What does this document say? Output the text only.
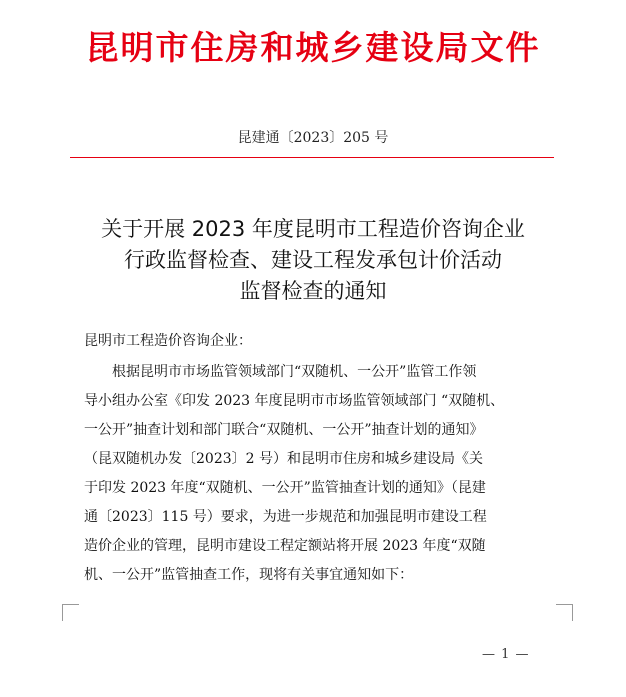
昆明市住房和城乡建设局文件
昆建通〔2023〕205 号
关于开展 2023 年度昆明市工程造价咨询企业
行政监督检查、建设工程发承包计价活动
监督检查的通知
昆明市工程造价咨询企业：
根据昆明市市场监管领域部门“双随机、一公开”监管工作领
导小组办公室《印发 2023 年度昆明市市场监管领域部门 “双随机、
一公开”抽查计划和部门联合“双随机、一公开”抽查计划的通知》
（昆双随机办发〔2023〕2 号）和昆明市住房和城乡建设局《关
于印发 2023 年度“双随机、一公开”监管抽查计划的通知》（昆建
通〔2023〕115 号）要求，为进一步规范和加强昆明市建设工程
造价企业的管理，昆明市建设工程定额站将开展 2023 年度“双随
机、一公开”监管抽查工作，现将有关事宜通知如下：
— 1 —
